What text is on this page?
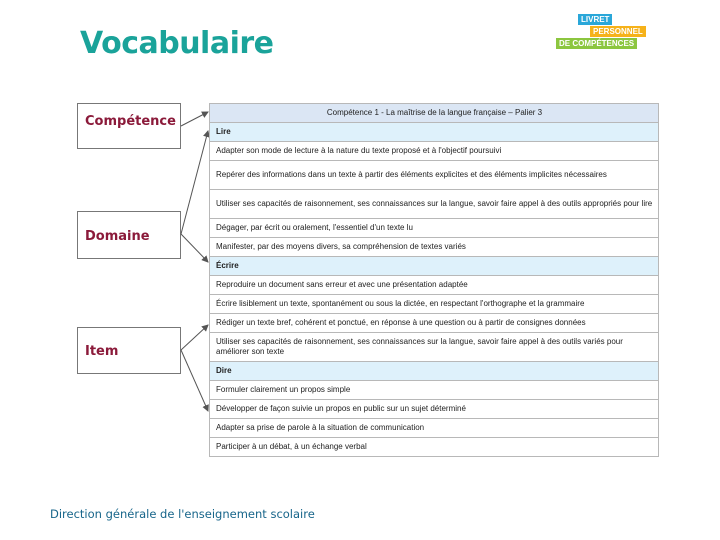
Vocabulaire
LIVRET
PERSONNEL
DE COMPÉTENCES
Compétence
Domaine
Item
Compétence 1 - La maîtrise de la langue française – Palier 3
Lire
Adapter son mode de lecture à la nature du texte proposé et à l'objectif poursuivi
Repérer des informations dans un texte à partir des éléments explicites et des éléments implicites nécessaires
Utiliser ses capacités de raisonnement, ses connaissances sur la langue, savoir faire appel à des outils appropriés pour lire
Dégager, par écrit ou oralement, l'essentiel d'un texte lu
Manifester, par des moyens divers, sa compréhension de textes variés
Écrire
Reproduire un document sans erreur et avec une présentation adaptée
Écrire lisiblement un texte, spontanément ou sous la dictée, en respectant l'orthographe et la grammaire
Rédiger un texte bref, cohérent et ponctué, en réponse à une question ou à partir de consignes données
Utiliser ses capacités de raisonnement, ses connaissances sur la langue, savoir faire appel à des outils variés pour améliorer son texte
Dire
Formuler clairement un propos simple
Développer de façon suivie un propos en public sur un sujet déterminé
Adapter sa prise de parole à la situation de communication
Participer à un débat, à un échange verbal
Direction générale de l'enseignement scolaire
